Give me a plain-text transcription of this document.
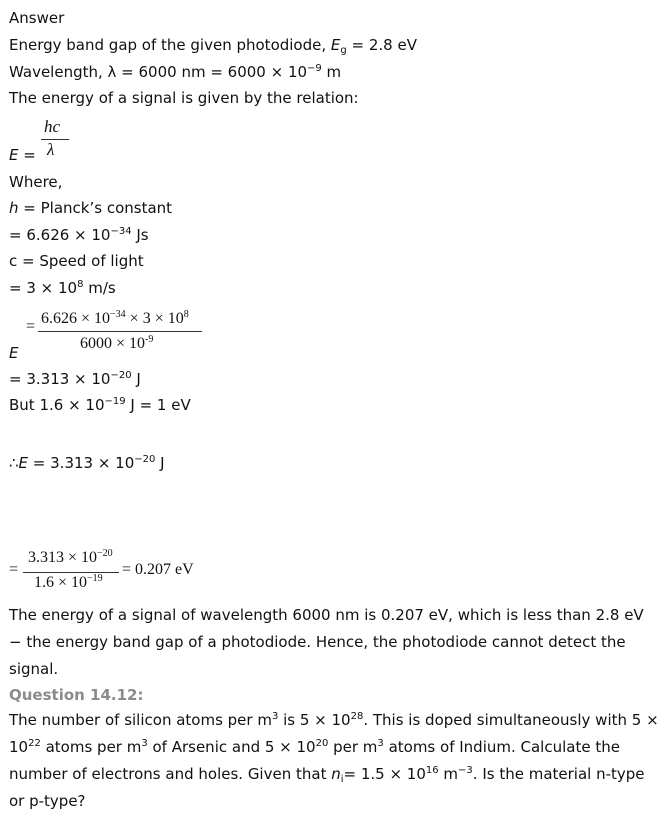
Answer
Energy band gap of the given photodiode, $E_g = 2.8$ eV
Wavelength, λ = 6000 nm = $6000 \times 10^{-9}$ m
The energy of a signal is given by the relation:
hc
λ
E =
Where,
h = Planck’s constant
= $6.626 \times 10^{-34}$ Js
c = Speed of light
= $3 \times 10^8$ m/s
= $6.626 \times 10^{-34} \times 3 \times 10^8$
$6000 \times 10^{-9}$
E
= $3.313 \times 10^{-20}$ J
But $1.6 \times 10^{-19}$ J = 1 eV
∴E = $3.313 \times 10^{-20}$ J
=
$3.313 \times 10^{-20}$
$1.6 \times 10^{-19}$
= 0.207 eV
The energy of a signal of wavelength 6000 nm is 0.207 eV, which is less than 2.8 eV − the energy band gap of a photodiode. Hence, the photodiode cannot detect the signal.
Question 14.12:
The number of silicon atoms per $m^3$ is $5 \times 10^{28}$. This is doped simultaneously with $5 \times 10^{22}$ atoms per $m^3$ of Arsenic and $5 \times 10^{20}$ per $m^3$ atoms of Indium. Calculate the number of electrons and holes. Given that $n_i= 1.5 \times 10^{16}$ $m^{-3}$. Is the material n-type or p-type?
